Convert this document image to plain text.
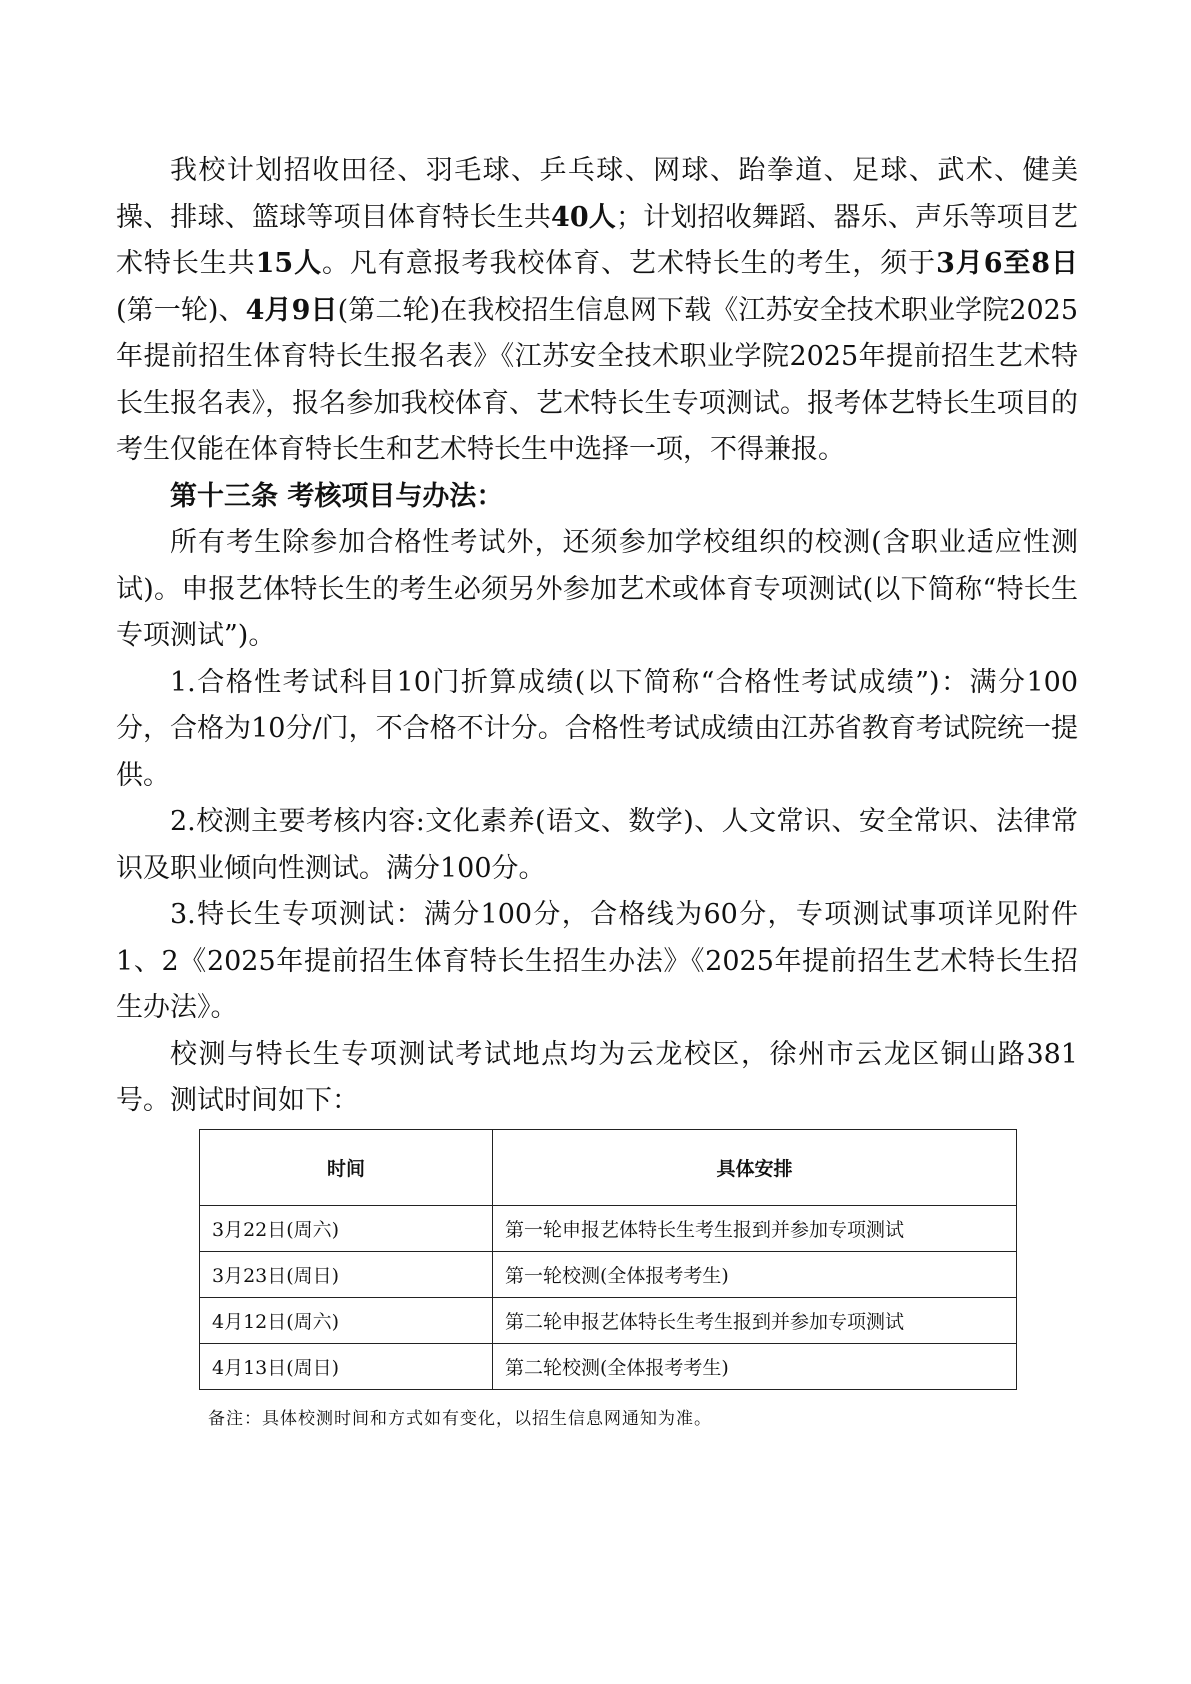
我校计划招收田径、羽毛球、乒乓球、网球、跆拳道、足球、武术、健美操、排球、篮球等项目体育特长生共40人；计划招收舞蹈、器乐、声乐等项目艺术特长生共15人。凡有意报考我校体育、艺术特长生的考生，须于3月6至8日(第一轮)、4月9日(第二轮)在我校招生信息网下载《江苏安全技术职业学院2025年提前招生体育特长生报名表》《江苏安全技术职业学院2025年提前招生艺术特长生报名表》，报名参加我校体育、艺术特长生专项测试。报考体艺特长生项目的考生仅能在体育特长生和艺术特长生中选择一项，不得兼报。

第十三条 考核项目与办法：

所有考生除参加合格性考试外，还须参加学校组织的校测(含职业适应性测试)。申报艺体特长生的考生必须另外参加艺术或体育专项测试(以下简称“特长生专项测试”)。

1.合格性考试科目10门折算成绩(以下简称“合格性考试成绩”)：满分100分，合格为10分/门，不合格不计分。合格性考试成绩由江苏省教育考试院统一提供。

2.校测主要考核内容:文化素养(语文、数学)、人文常识、安全常识、法律常识及职业倾向性测试。满分100分。

3.特长生专项测试：满分100分，合格线为60分，专项测试事项详见附件1、2《2025年提前招生体育特长生招生办法》《2025年提前招生艺术特长生招生办法》。

校测与特长生专项测试考试地点均为云龙校区，徐州市云龙区铜山路381号。测试时间如下：

时间	具体安排
3月22日(周六)	第一轮申报艺体特长生考生报到并参加专项测试
3月23日(周日)	第一轮校测(全体报考考生)
4月12日(周六)	第二轮申报艺体特长生考生报到并参加专项测试
4月13日(周日)	第二轮校测(全体报考考生)
备注：具体校测时间和方式如有变化，以招生信息网通知为准。
